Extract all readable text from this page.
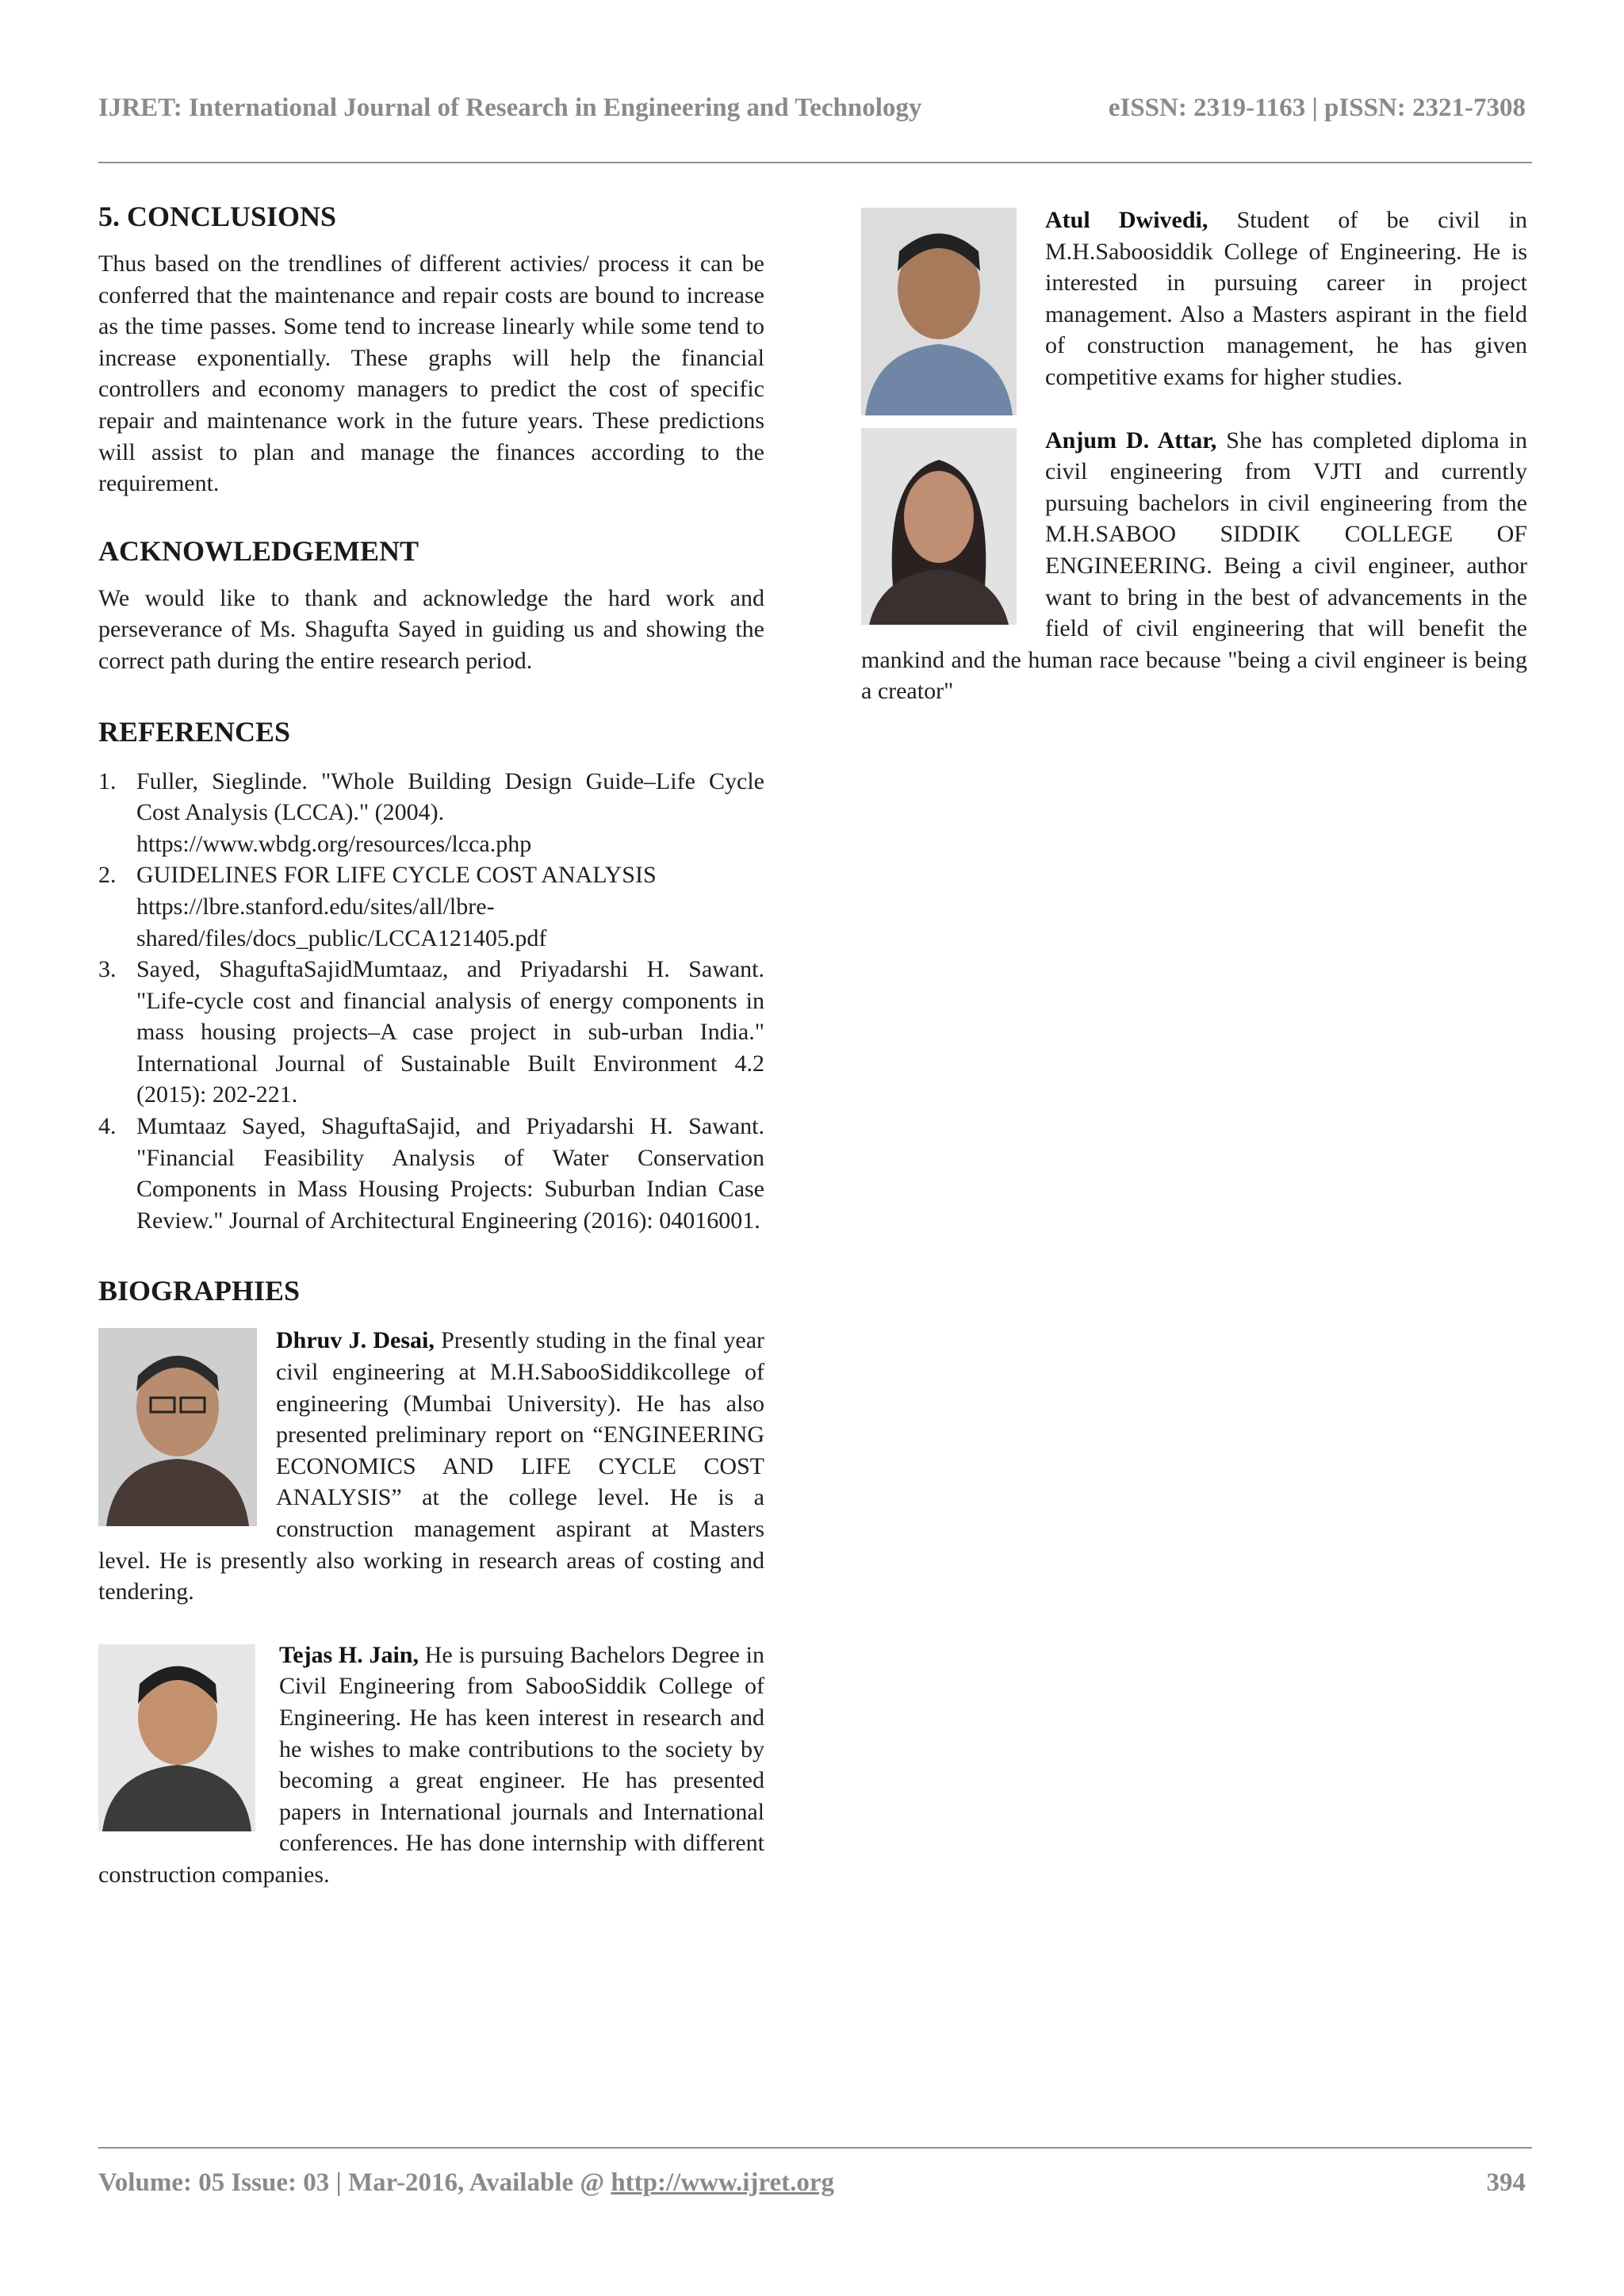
IJRET: International Journal of Research in Engineering and Technology	eISSN: 2319-1163 | pISSN: 2321-7308
5. CONCLUSIONS
Thus based on the trendlines of different activies/ process it can be conferred that the maintenance and repair costs are bound to increase as the time passes. Some tend to increase linearly while some tend to increase exponentially. These graphs will help the financial controllers and economy managers to predict the cost of specific repair and maintenance work in the future years. These predictions will assist to plan and manage the finances according to the requirement.
ACKNOWLEDGEMENT
We would like to thank and acknowledge the hard work and perseverance of Ms. Shagufta Sayed in guiding us and showing the correct path during the entire research period.
REFERENCES
1. Fuller, Sieglinde. "Whole Building Design Guide–Life Cycle Cost Analysis (LCCA)." (2004).

https://www.wbdg.org/resources/lcca.php

2. GUIDELINES FOR LIFE CYCLE COST ANALYSIS

https://lbre.stanford.edu/sites/all/lbre-

shared/files/docs_public/LCCA121405.pdf

3. Sayed, ShaguftaSajidMumtaaz, and Priyadarshi H. Sawant. "Life-cycle cost and financial analysis of energy components in mass housing projects–A case project in sub-urban India." International Journal of Sustainable Built Environment 4.2 (2015): 202-221.

4. Mumtaaz Sayed, ShaguftaSajid, and Priyadarshi H. Sawant. "Financial Feasibility Analysis of Water Conservation Components in Mass Housing Projects: Suburban Indian Case Review." Journal of Architectural Engineering (2016): 04016001.

BIOGRAPHIES
Dhruv J. Desai, Presently studing in the final year civil engineering at M.H.SabooSiddikcollege of engineering (Mumbai University). He has also presented preliminary report on “ENGINEERING ECONOMICS AND LIFE CYCLE COST ANALYSIS” at the college level. He is a construction management aspirant at Masters level. He is presently also working in research areas of costing and tendering.
Tejas H. Jain, He is pursuing Bachelors Degree in Civil Engineering from SabooSiddik College of Engineering. He has keen interest in research and he wishes to make contributions to the society by becoming a great engineer. He has presented papers in International journals and International conferences. He has done internship with different construction companies.
Atul Dwivedi, Student of be civil in M.H.Saboosiddik College of Engineering. He is interested in pursuing career in project management. Also a Masters aspirant in the field of construction management, he has given competitive exams for higher studies.
Anjum D. Attar, She has completed diploma in civil engineering from VJTI and currently pursuing bachelors in civil engineering from the M.H.SABOO SIDDIK COLLEGE OF ENGINEERING. Being a civil engineer, author want to bring in the best of advancements in the field of civil engineering that will benefit the mankind and the human race because "being a civil engineer is being a creator"
Volume: 05 Issue: 03 | Mar-2016, Available @ http://www.ijret.org	394
